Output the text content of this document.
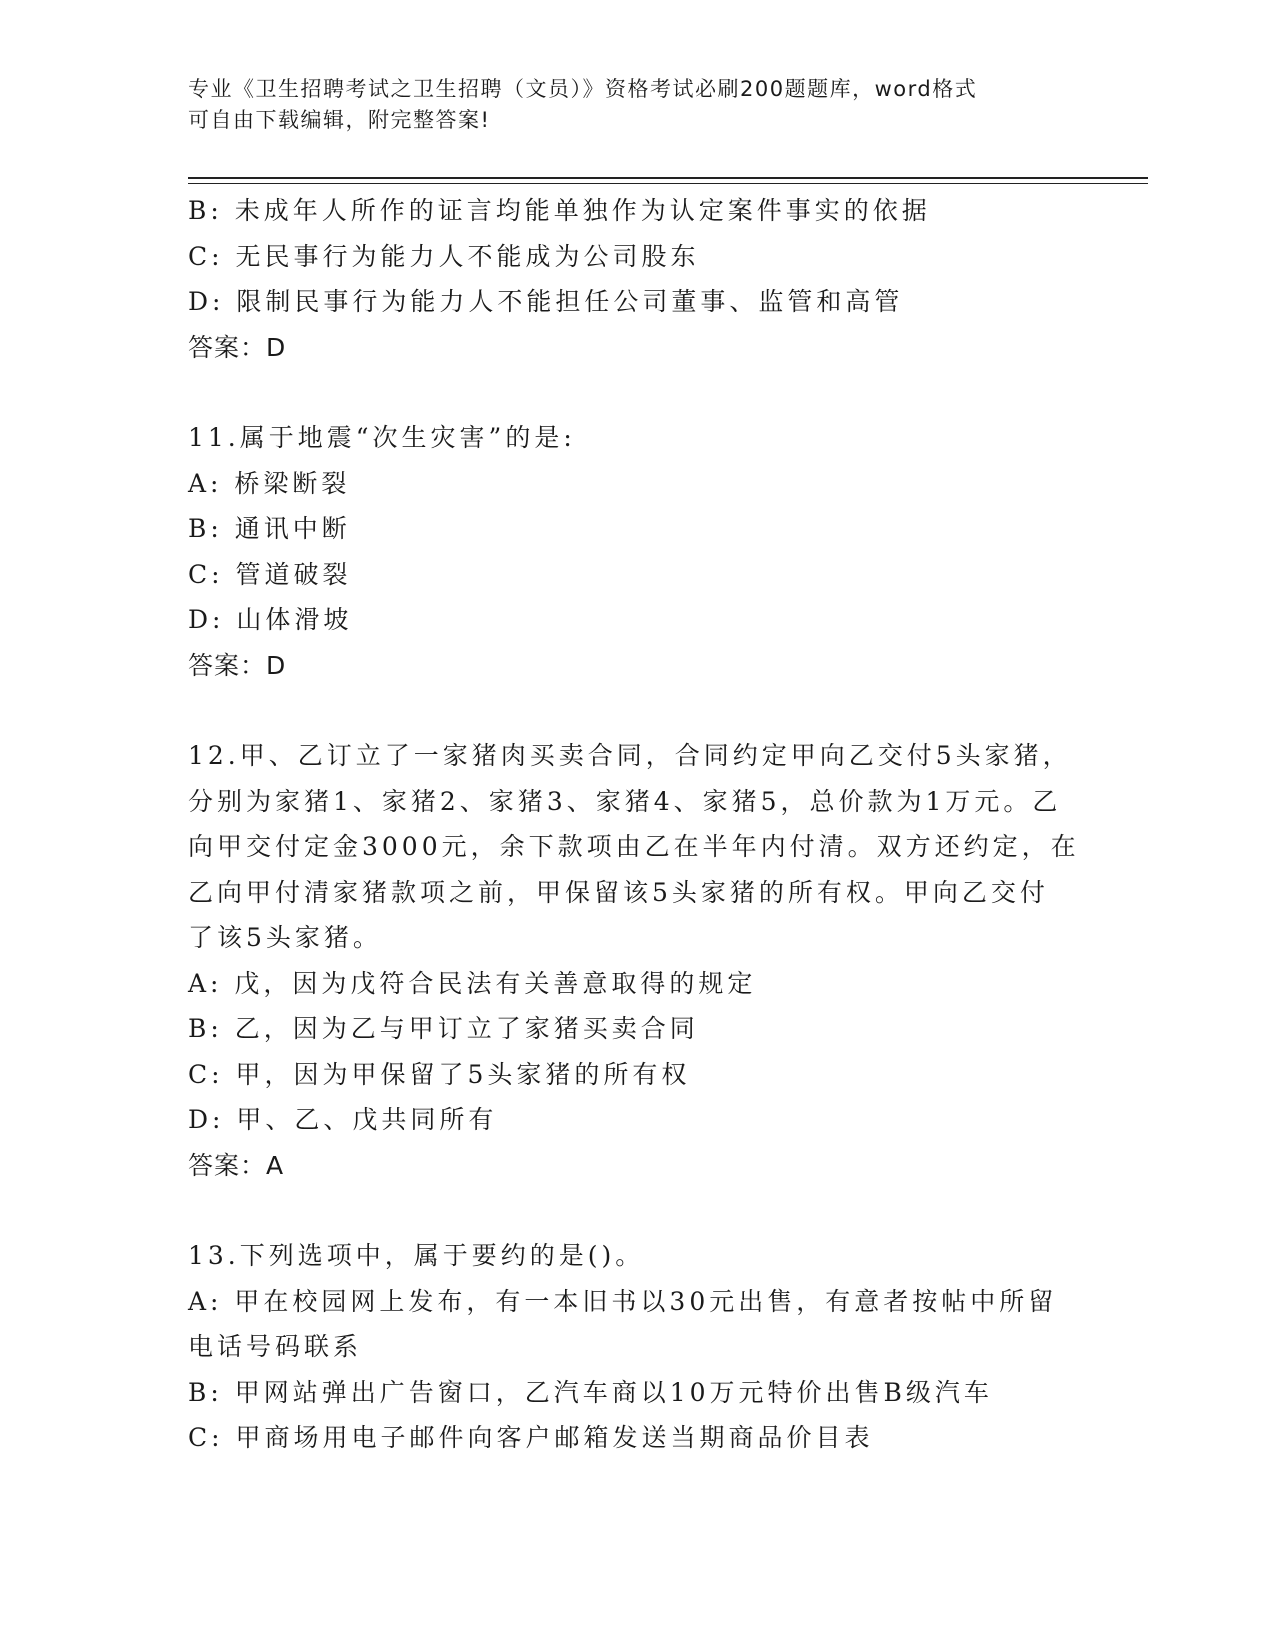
专业《卫生招聘考试之卫生招聘（文员）》资格考试必刷200题题库，word格式
可自由下载编辑，附完整答案!
B: 未成年人所作的证言均能单独作为认定案件事实的依据
C: 无民事行为能力人不能成为公司股东
D: 限制民事行为能力人不能担任公司董事、监管和高管
答案：D
11.属于地震“次生灾害”的是:
A: 桥梁断裂
B: 通讯中断
C: 管道破裂
D: 山体滑坡
答案：D
12.甲、乙订立了一家猪肉买卖合同，合同约定甲向乙交付5头家猪，
分别为家猪1、家猪2、家猪3、家猪4、家猪5，总价款为1万元。乙
向甲交付定金3000元，余下款项由乙在半年内付清。双方还约定，在
乙向甲付清家猪款项之前，甲保留该5头家猪的所有权。甲向乙交付
了该5头家猪。
A: 戊，因为戊符合民法有关善意取得的规定
B: 乙，因为乙与甲订立了家猪买卖合同
C: 甲，因为甲保留了5头家猪的所有权
D: 甲、乙、戊共同所有
答案：A
13.下列选项中，属于要约的是()。
A: 甲在校园网上发布，有一本旧书以30元出售，有意者按帖中所留
电话号码联系
B: 甲网站弹出广告窗口，乙汽车商以10万元特价出售B级汽车
C: 甲商场用电子邮件向客户邮箱发送当期商品价目表
